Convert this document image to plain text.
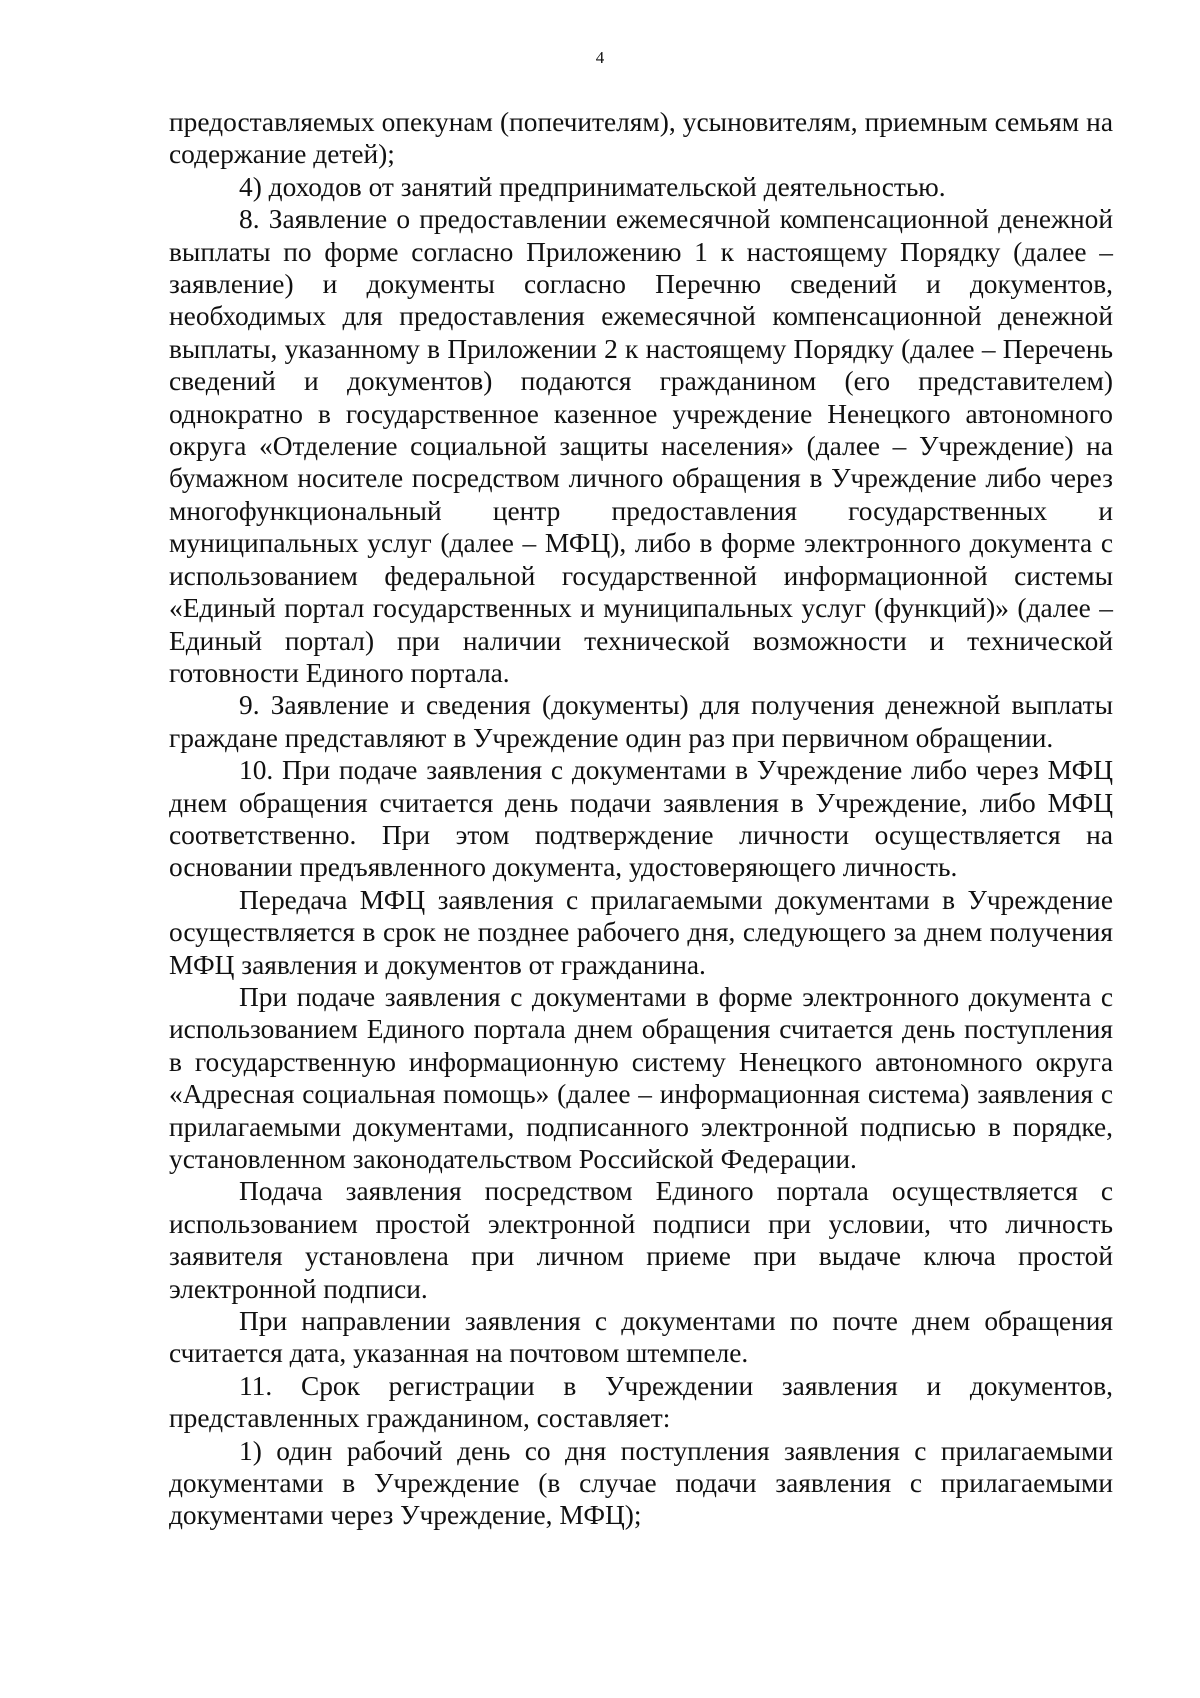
4

предоставляемых опекунам (попечителям), усыновителям, приемным семьям на содержание детей);

4) доходов от занятий предпринимательской деятельностью.

8. Заявление о предоставлении ежемесячной компенсационной денежной выплаты по форме согласно Приложению 1 к настоящему Порядку (далее – заявление) и документы согласно Перечню сведений и документов, необходимых для предоставления ежемесячной компенсационной денежной выплаты, указанному в Приложении 2 к настоящему Порядку (далее – Перечень сведений и документов) подаются гражданином (его представителем) однократно в государственное казенное учреждение Ненецкого автономного округа «Отделение социальной защиты населения» (далее – Учреждение) на бумажном носителе посредством личного обращения в Учреждение либо через многофункциональный центр предоставления государственных и муниципальных услуг (далее – МФЦ), либо в форме электронного документа с использованием федеральной государственной информационной системы «Единый портал государственных и муниципальных услуг (функций)» (далее – Единый портал) при наличии технической возможности и технической готовности Единого портала.

9. Заявление и сведения (документы) для получения денежной выплаты граждане представляют в Учреждение один раз при первичном обращении.

10. При подаче заявления с документами в Учреждение либо через МФЦ днем обращения считается день подачи заявления в Учреждение, либо МФЦ соответственно. При этом подтверждение личности осуществляется на основании предъявленного документа, удостоверяющего личность.

Передача МФЦ заявления с прилагаемыми документами в Учреждение осуществляется в срок не позднее рабочего дня, следующего за днем получения МФЦ заявления и документов от гражданина.

При подаче заявления с документами в форме электронного документа с использованием Единого портала днем обращения считается день поступления в государственную информационную систему Ненецкого автономного округа «Адресная социальная помощь» (далее – информационная система) заявления с прилагаемыми документами, подписанного электронной подписью в порядке, установленном законодательством Российской Федерации.

Подача заявления посредством Единого портала осуществляется с использованием простой электронной подписи при условии, что личность заявителя установлена при личном приеме при выдаче ключа простой электронной подписи.

При направлении заявления с документами по почте днем обращения считается дата, указанная на почтовом штемпеле.

11. Срок регистрации в Учреждении заявления и документов, представленных гражданином, составляет:

1) один рабочий день со дня поступления заявления с прилагаемыми документами в Учреждение (в случае подачи заявления с прилагаемыми документами через Учреждение, МФЦ);
